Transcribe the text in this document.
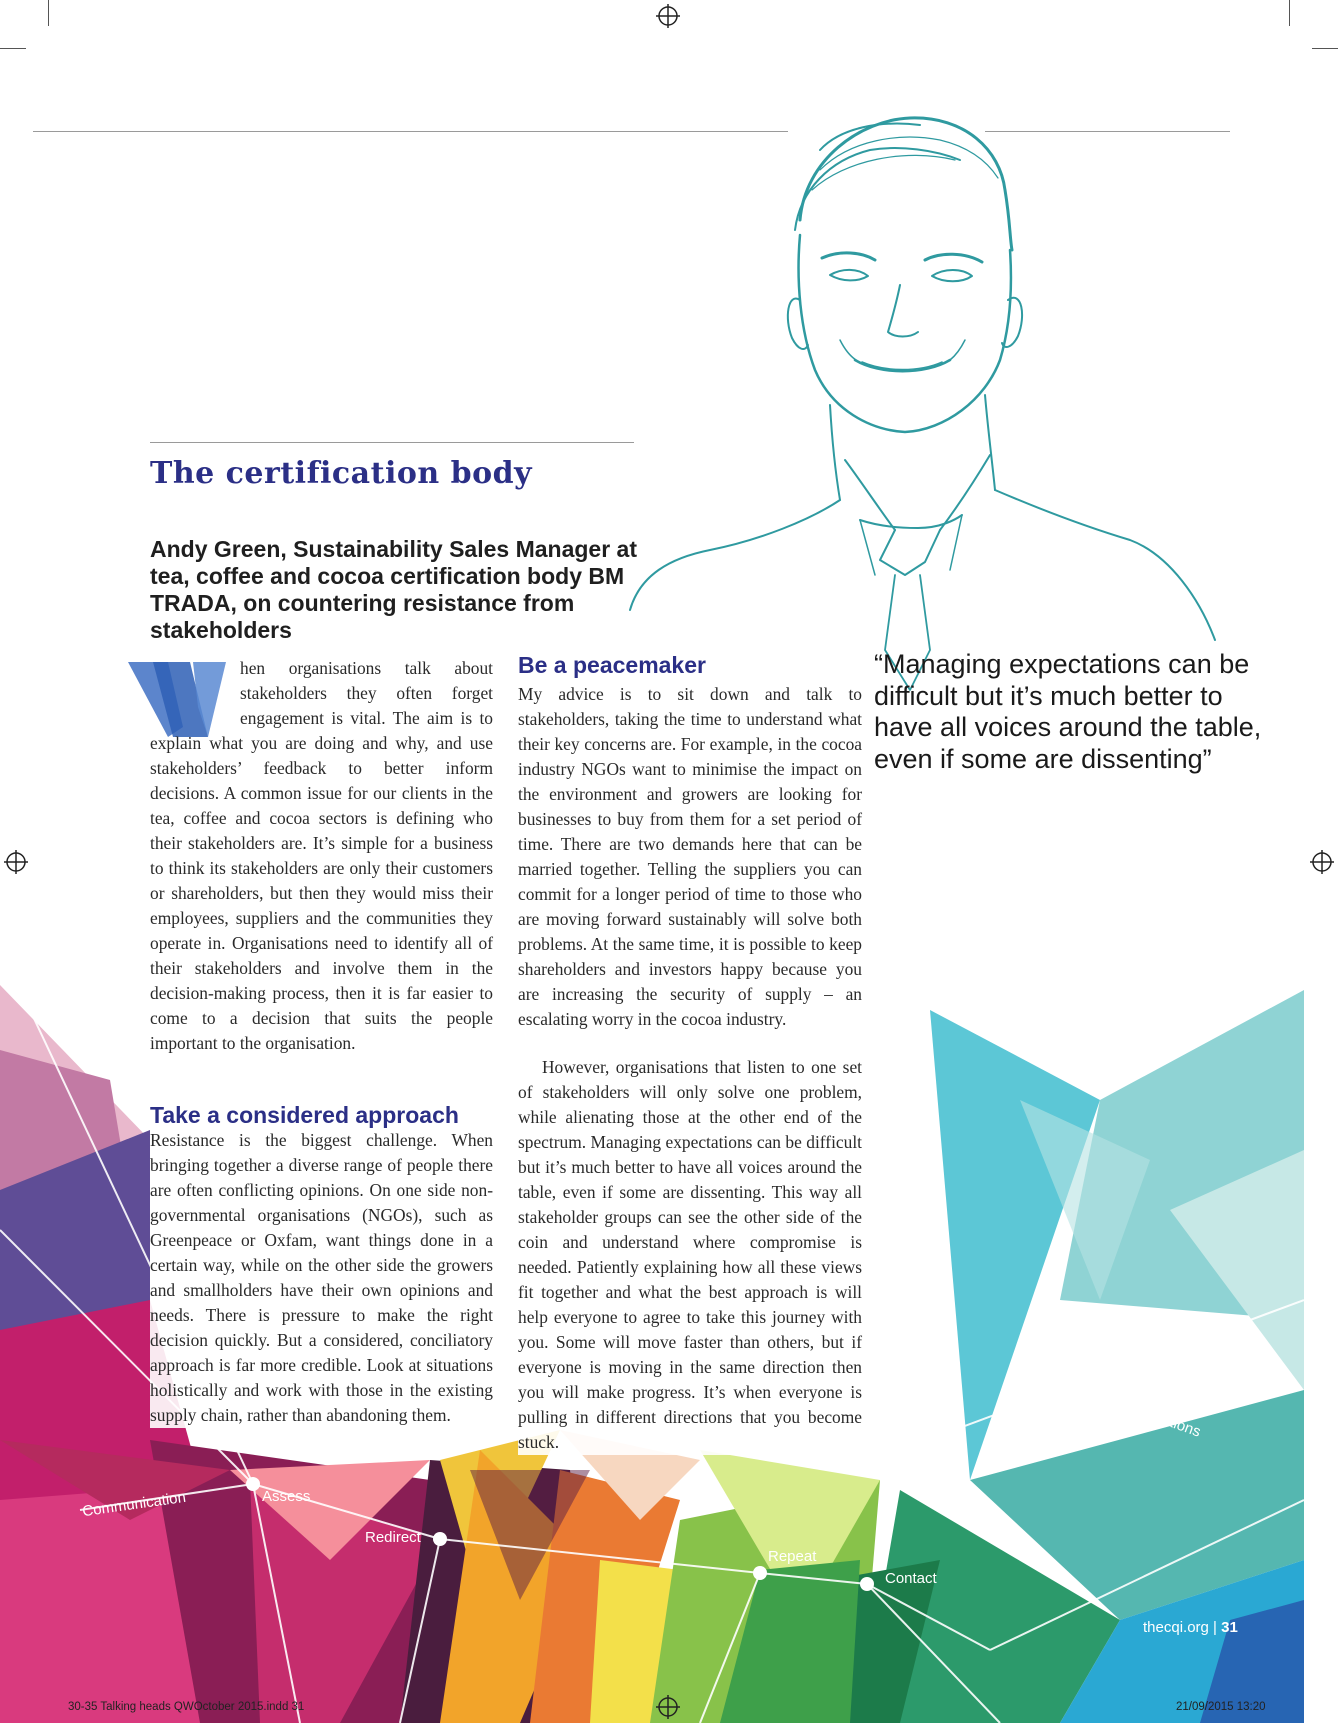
The certification body
Andy Green, Sustainability Sales Manager at tea, coffee and cocoa certification body BM TRADA, on countering resistance from stakeholders

hen organisations talk about stakeholders they often forget engagement is vital. The aim is to explain what you are doing and why, and use stakeholders’ feedback to better inform decisions. A common issue for our clients in the tea, coffee and cocoa sectors is defining who their stakeholders are. It’s simple for a business to think its stakeholders are only their customers or shareholders, but then they would miss their employees, suppliers and the communities they operate in. Organisations need to identify all of their stakeholders and involve them in the decision-making process, then it is far easier to come to a decision that suits the people important to the organisation.

Take a considered approach

Resistance is the biggest challenge. When bringing together a diverse range of people there are often conflicting opinions. On one side non-governmental organisations (NGOs), such as Greenpeace or Oxfam, want things done in a certain way, while on the other side the growers and smallholders have their own opinions and needs. There is pressure to make the right decision quickly. But a considered, conciliatory approach is far more credible. Look at situations holistically and work with those in the existing supply chain, rather than abandoning them.

Be a peacemaker

My advice is to sit down and talk to stakeholders, taking the time to understand what their key concerns are. For example, in the cocoa industry NGOs want to minimise the impact on the environment and growers are looking for businesses to buy from them for a set period of time. There are two demands here that can be married together. Telling the suppliers you can commit for a longer period of time to those who are moving forward sustainably will solve both problems. At the same time, it is possible to keep shareholders and investors happy because you are increasing the security of supply – an escalating worry in the cocoa industry.

However, organisations that listen to one set of stakeholders will only solve one problem, while alienating those at the other end of the spectrum. Managing expectations can be difficult but it’s much better to have all voices around the table, even if some are dissenting. This way all stakeholder groups can see the other side of the coin and understand where compromise is needed. Patiently explaining how all these views fit together and what the best approach is will help everyone to agree to take this journey with you. Some will move faster than others, but if everyone is moving in the same direction then you will make progress. It’s when everyone is pulling in different directions that you become stuck.

“Managing expectations can be difficult but it’s much better to have all voices around the table, even if some are dissenting”
Communication	Assess
Redirect
Repeat
Contact
Managing expectations
thecqi.org | 31
30-35 Talking heads QWOctober 2015.indd 31	21/09/2015 13:20
